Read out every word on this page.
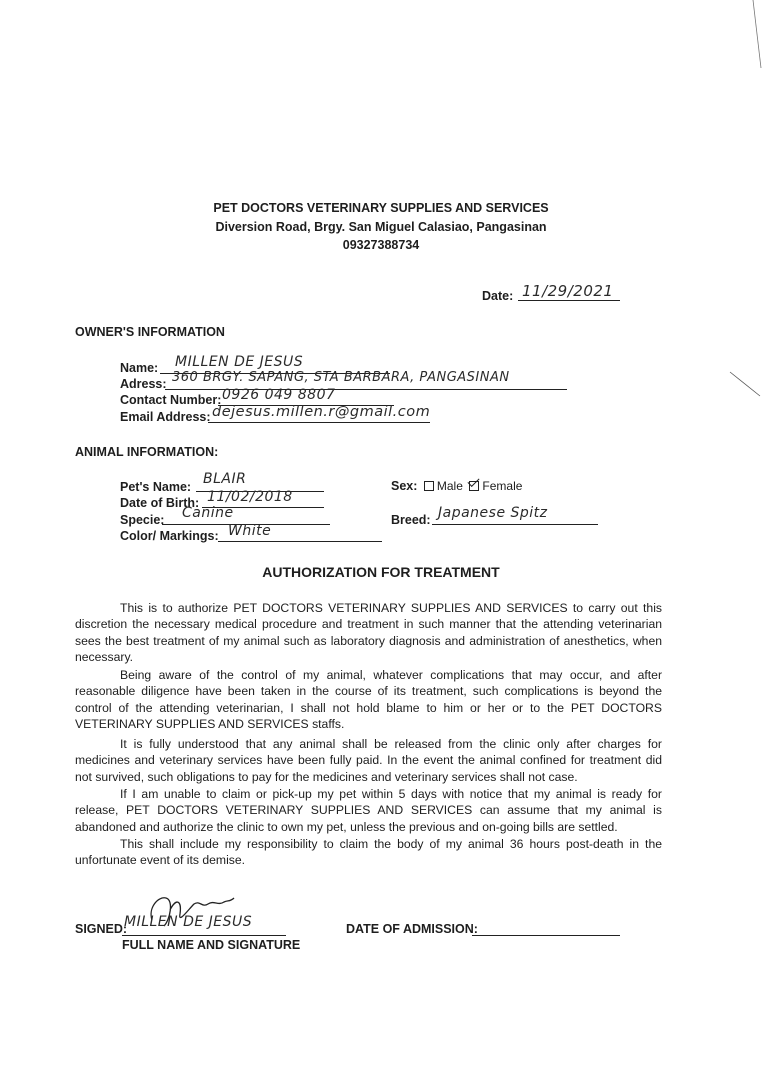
PET DOCTORS VETERINARY SUPPLIES AND SERVICES
Diversion Road, Brgy. San Miguel Calasiao, Pangasinan
09327388734
Date: 11/29/2021
OWNER'S INFORMATION
Name: MILLEN DE JESUS
Adress: 360 BRGY. SAPANG, STA BARBARA, PANGASINAN
Contact Number: 0926 049 8807
Email Address: dejesus.millen.r@gmail.com
ANIMAL INFORMATION:
Pet's Name: BLAIR
Date of Birth: 11/02/2018
Specie: Canine
Color/ Markings: White
Sex: Male Female
Breed: Japanese Spitz
AUTHORIZATION FOR TREATMENT
This is to authorize PET DOCTORS VETERINARY SUPPLIES AND SERVICES to carry out this discretion the necessary medical procedure and treatment in such manner that the attending veterinarian sees the best treatment of my animal such as laboratory diagnosis and administration of anesthetics, when necessary.
Being aware of the control of my animal, whatever complications that may occur, and after reasonable diligence have been taken in the course of its treatment, such complications is beyond the control of the attending veterinarian, I shall not hold blame to him or her or to the PET DOCTORS VETERINARY SUPPLIES AND SERVICES staffs.
It is fully understood that any animal shall be released from the clinic only after charges for medicines and veterinary services have been fully paid. In the event the animal confined for treatment did not survived, such obligations to pay for the medicines and veterinary services shall not case.
If I am unable to claim or pick-up my pet within 5 days with notice that my animal is ready for release, PET DOCTORS VETERINARY SUPPLIES AND SERVICES can assume that my animal is abandoned and authorize the clinic to own my pet, unless the previous and on-going bills are settled.
This shall include my responsibility to claim the body of my animal 36 hours post-death in the unfortunate event of its demise.
SIGNED:
MILLEN DE JESUS
FULL NAME AND SIGNATURE
DATE OF ADMISSION:
